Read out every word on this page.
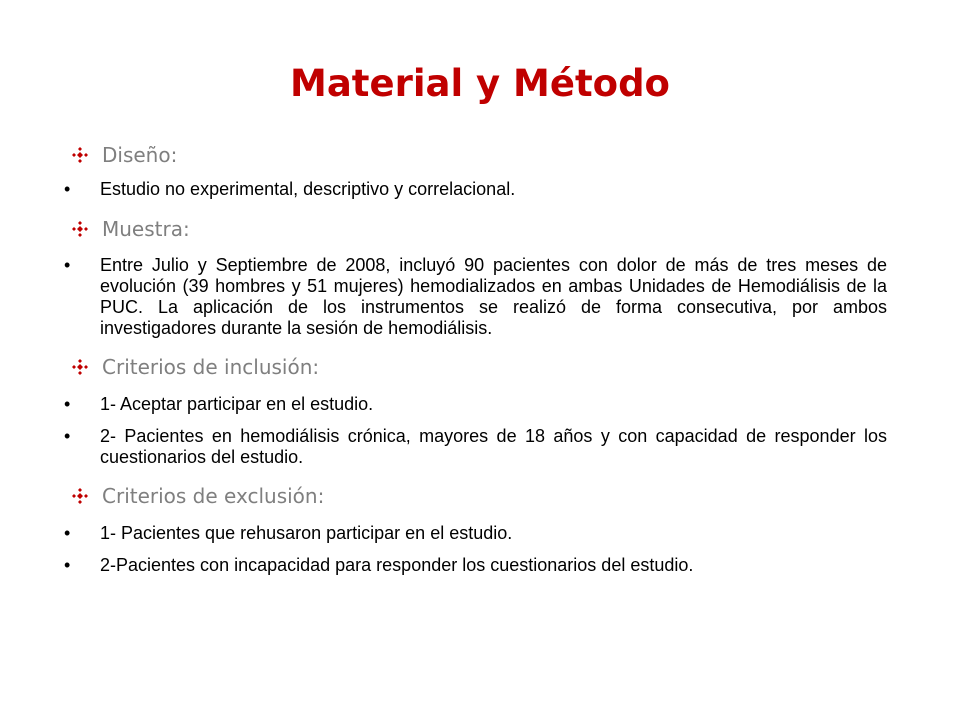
Material y Método
Diseño:
•	Estudio no experimental, descriptivo y correlacional.
Muestra:
•	Entre Julio y Septiembre de 2008, incluyó 90 pacientes con dolor de más de tres meses de evolución (39 hombres y 51 mujeres) hemodializados en ambas Unidades de Hemodiálisis de la PUC. La aplicación de los instrumentos se realizó de forma consecutiva, por ambos investigadores durante la sesión de hemodiálisis.
Criterios de inclusión:
•	1- Aceptar participar en el estudio.
•	2- Pacientes en hemodiálisis crónica, mayores de 18 años y con capacidad de responder los cuestionarios del estudio.
Criterios de exclusión:
•	1- Pacientes que rehusaron participar en el estudio.
•	2-Pacientes con incapacidad para responder los cuestionarios del estudio.
